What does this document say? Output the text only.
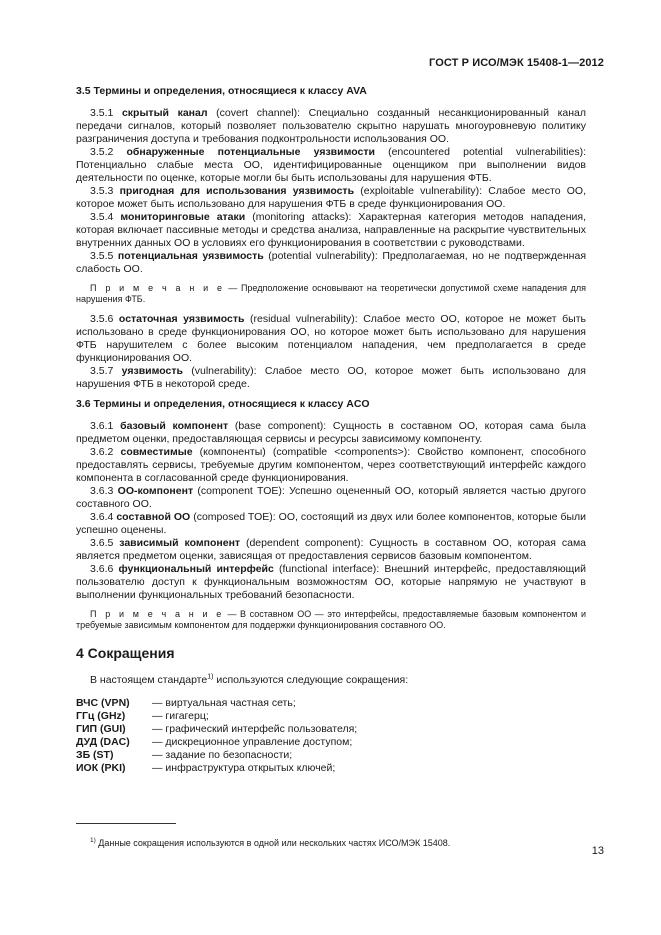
ГОСТ Р ИСО/МЭК 15408-1—2012

3.5 Термины и определения, относящиеся к классу AVA

3.5.1 скрытый канал (covert channel): Специально созданный несанкционированный канал передачи сигналов, который позволяет пользователю скрытно нарушать многоуровневую политику разграничения доступа и требования подконтрольности использования ОО.

3.5.2 обнаруженные потенциальные уязвимости (encountered potential vulnerabilities): Потенциально слабые места ОО, идентифицированные оценщиком при выполнении видов деятельности по оценке, которые могли бы быть использованы для нарушения ФТБ.

3.5.3 пригодная для использования уязвимость (exploitable vulnerability): Слабое место ОО, которое может быть использовано для нарушения ФТБ в среде функционирования ОО.

3.5.4 мониторинговые атаки (monitoring attacks): Характерная категория методов нападения, которая включает пассивные методы и средства анализа, направленные на раскрытие чувствительных внутренних данных ОО в условиях его функционирования в соответствии с руководствами.

3.5.5 потенциальная уязвимость (potential vulnerability): Предполагаемая, но не подтвержденная слабость ОО.

П р и м е ч а н и е — Предположение основывают на теоретически допустимой схеме нападения для нарушения ФТБ.

3.5.6 остаточная уязвимость (residual vulnerability): Слабое место ОО, которое не может быть использовано в среде функционирования ОО, но которое может быть использовано для нарушения ФТБ нарушителем с более высоким потенциалом нападения, чем предполагается в среде функционирования ОО.

3.5.7 уязвимость (vulnerability): Слабое место ОО, которое может быть использовано для нарушения ФТБ в некоторой среде.

3.6 Термины и определения, относящиеся к классу ACO

3.6.1 базовый компонент (base component): Сущность в составном ОО, которая сама была предметом оценки, предоставляющая сервисы и ресурсы зависимому компоненту.

3.6.2 совместимые (компоненты) (compatible <components>): Свойство компонент, способного предоставлять сервисы, требуемые другим компонентом, через соответствующий интерфейс каждого компонента в согласованной среде функционирования.

3.6.3 ОО-компонент (component TOE): Успешно оцененный ОО, который является частью другого составного ОО.

3.6.4 составной ОО (composed TOE): ОО, состоящий из двух или более компонентов, которые были успешно оценены.

3.6.5 зависимый компонент (dependent component): Сущность в составном ОО, которая сама является предметом оценки, зависящая от предоставления сервисов базовым компонентом.

3.6.6 функциональный интерфейс (functional interface): Внешний интерфейс, предоставляющий пользователю доступ к функциональным возможностям ОО, которые напрямую не участвуют в выполнении функциональных требований безопасности.

П р и м е ч а н и е — В составном ОО — это интерфейсы, предоставляемые базовым компонентом и требуемые зависимым компонентом для поддержки функционирования составного ОО.

4 Сокращения

В настоящем стандарте$^{1)}$ используются следующие сокращения:

ВЧС (VPN)	— виртуальная частная сеть;
ГГц (GHz)	— гигагерц;
ГИП (GUI)	— графический интерфейс пользователя;
ДУД (DAC)	— дискреционное управление доступом;
ЗБ (ST)	— задание по безопасности;
ИОК (PKI)	— инфраструктура открытых ключей;

$^{1)}$ Данные сокращения используются в одной или нескольких частях ИСО/МЭК 15408.

13
